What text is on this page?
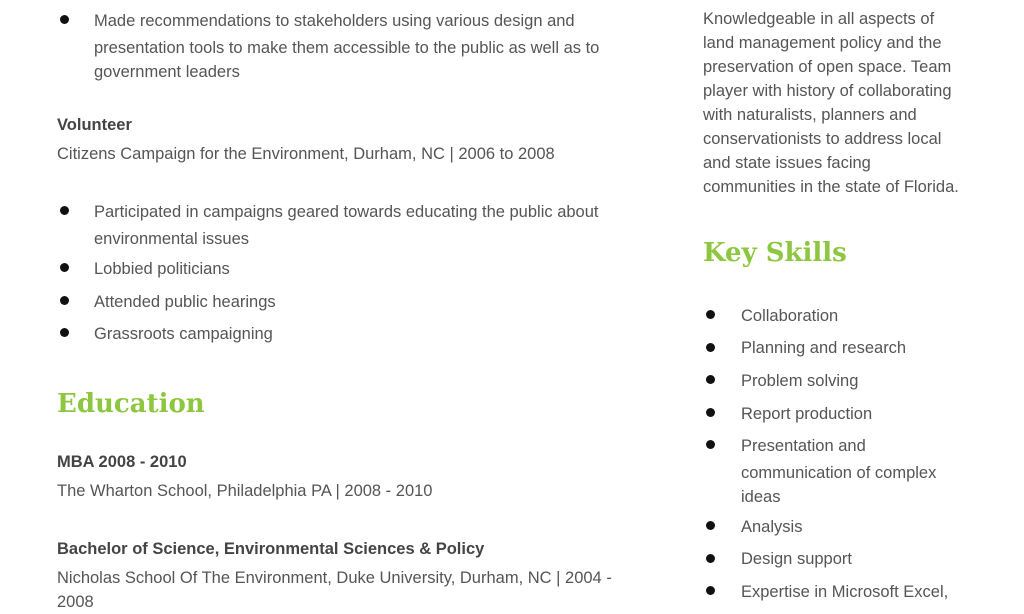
Made recommendations to stakeholders using various design and
presentation tools to make them accessible to the public as well as to
government leaders
Volunteer
Citizens Campaign for the Environment, Durham, NC | 2006 to 2008
Participated in campaigns geared towards educating the public about
environmental issues
Lobbied politicians
Attended public hearings
Grassroots campaigning
Education
MBA 2008 - 2010
The Wharton School, Philadelphia PA | 2008 - 2010
Bachelor of Science, Environmental Sciences & Policy
Nicholas School Of The Environment, Duke University, Durham, NC | 2004 -
2008
Knowledgeable in all aspects of
land management policy and the
preservation of open space. Team
player with history of collaborating
with naturalists, planners and
conservationists to address local
and state issues facing
communities in the state of Florida.
Key Skills
Collaboration
Planning and research
Problem solving
Report production
Presentation and
communication of complex
ideas
Analysis
Design support
Expertise in Microsoft Excel,
